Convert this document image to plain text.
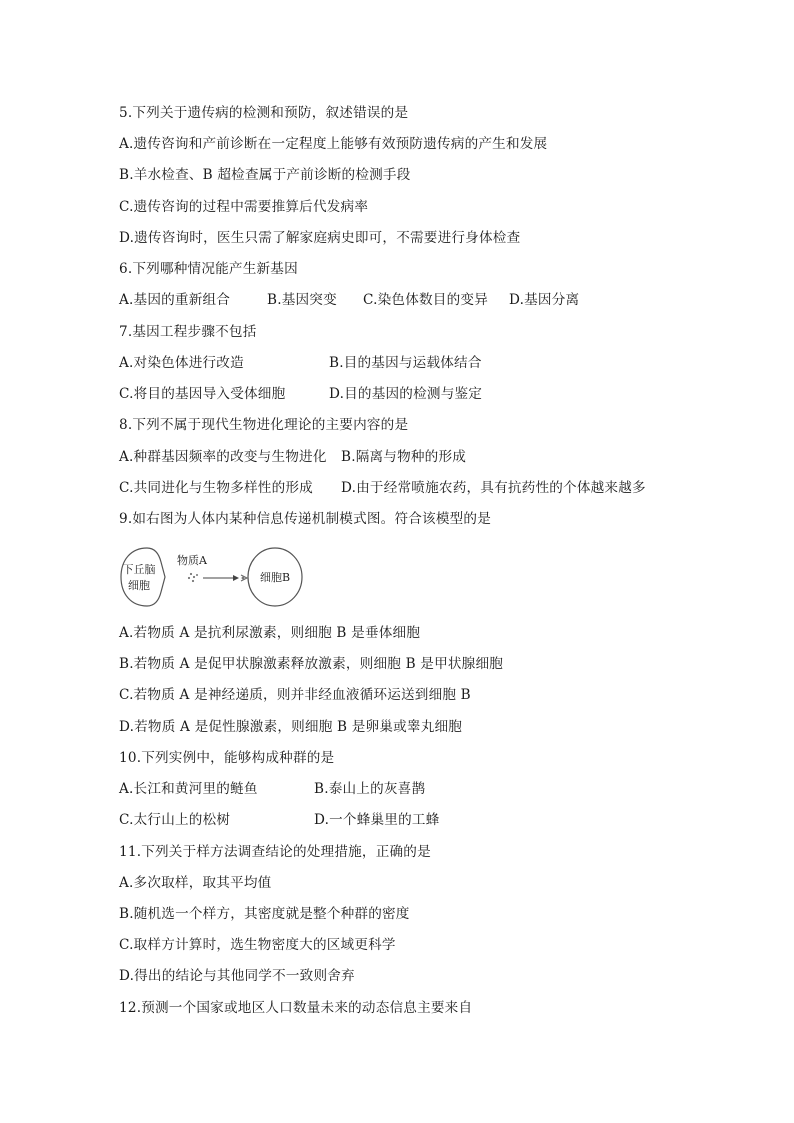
5.下列关于遗传病的检测和预防，叙述错误的是
A.遗传咨询和产前诊断在一定程度上能够有效预防遗传病的产生和发展
B.羊水检查、B 超检查属于产前诊断的检测手段
C.遗传咨询的过程中需要推算后代发病率
D.遗传咨询时，医生只需了解家庭病史即可，不需要进行身体检查
6.下列哪种情况能产生新基因
A.基因的重新组合	B.基因突变 C.染色体数目的变异 D.基因分离
7.基因工程步骤不包括
A.对染色体进行改造	B.目的基因与运载体结合
C.将目的基因导入受体细胞	D.目的基因的检测与鉴定
8.下列不属于现代生物进化理论的主要内容的是
A.种群基因频率的改变与生物进化 B.隔离与物种的形成
C.共同进化与生物多样性的形成 D.由于经常喷施农药，具有抗药性的个体越来越多
9.如右图为人体内某种信息传递机制模式图。符合该模型的是
下丘脑
细胞
物质A
细胞B
A.若物质 A 是抗利尿激素，则细胞 B 是垂体细胞
B.若物质 A 是促甲状腺激素释放激素，则细胞 B 是甲状腺细胞
C.若物质 A 是神经递质，则并非经血液循环运送到细胞 B
D.若物质 A 是促性腺激素，则细胞 B 是卵巢或睾丸细胞
10.下列实例中，能够构成种群的是
A.长江和黄河里的鲢鱼	B.泰山上的灰喜鹊
C.太行山上的松树	D.一个蜂巢里的工蜂
11.下列关于样方法调查结论的处理措施，正确的是
A.多次取样，取其平均值
B.随机选一个样方，其密度就是整个种群的密度
C.取样方计算时，选生物密度大的区域更科学
D.得出的结论与其他同学不一致则舍弃
12.预测一个国家或地区人口数量未来的动态信息主要来自
